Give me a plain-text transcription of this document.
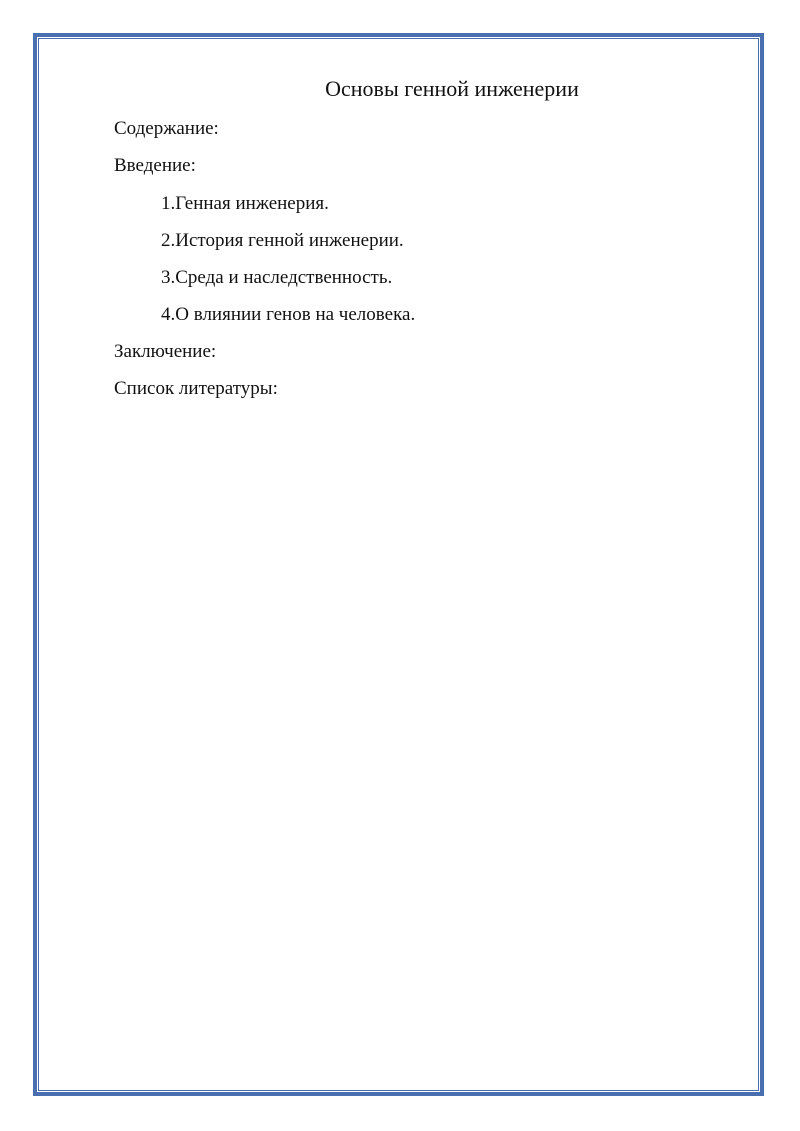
Основы генной инженерии
Содержание:
Введение:
1.Генная инженерия.
2.История генной инженерии.
3.Среда и наследственность.
4.О влиянии генов на человека.
Заключение:
Список литературы:
